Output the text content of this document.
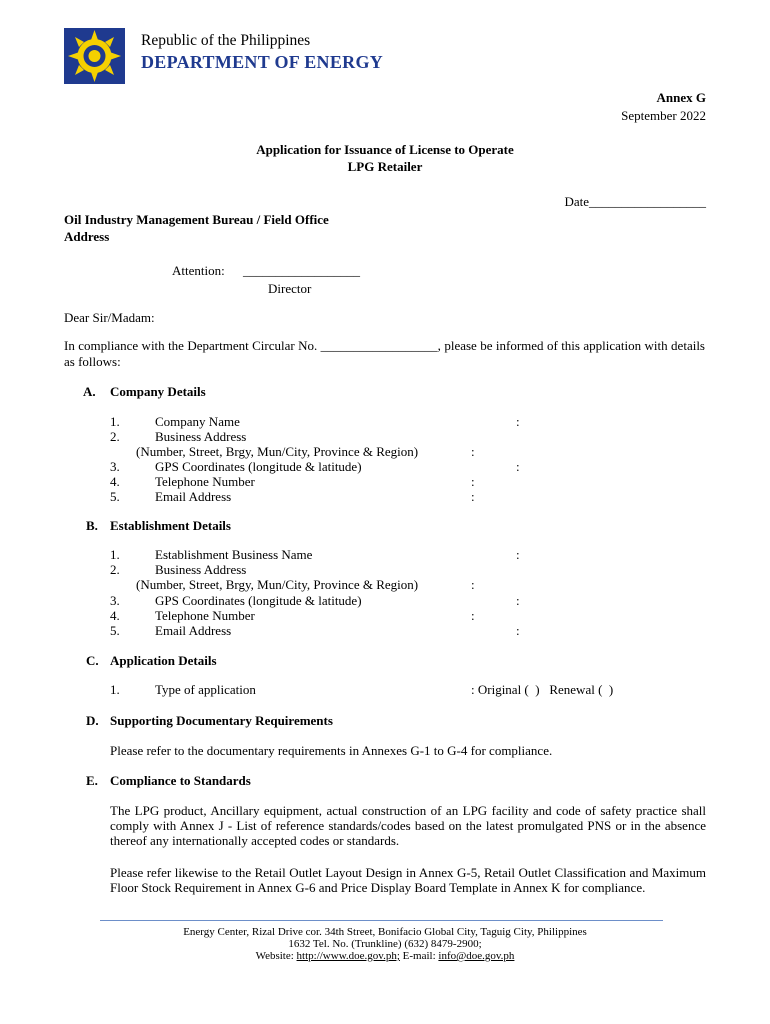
Republic of the Philippines
DEPARTMENT OF ENERGY
Annex G
September 2022
Application for Issuance of License to Operate
LPG Retailer
Date__________________
Oil Industry Management Bureau / Field Office
Address
Attention: __________________
Director
Dear Sir/Madam:
In compliance with the Department Circular No. __________________, please be informed of this application with details as follows:
A. Company Details
1.	Company Name	:
2.	Business Address
(Number, Street, Brgy, Mun/City, Province & Region)	:
3.	GPS Coordinates (longitude & latitude)	:
4.	Telephone Number	:
5.	Email Address	:
B. Establishment Details
1.	Establishment Business Name	:
2.	Business Address
(Number, Street, Brgy, Mun/City, Province & Region)	:
3.	GPS Coordinates (longitude & latitude)	:
4.	Telephone Number	:
5.	Email Address	:
C. Application Details
1.	Type of application	: Original (  )   Renewal (  )
D. Supporting Documentary Requirements
Please refer to the documentary requirements in Annexes G-1 to G-4 for compliance.
E. Compliance to Standards
The LPG product, Ancillary equipment, actual construction of an LPG facility and code of safety practice shall comply with Annex J - List of reference standards/codes based on the latest promulgated PNS or in the absence thereof any internationally accepted codes or standards.
Please refer likewise to the Retail Outlet Layout Design in Annex G-5, Retail Outlet Classification and Maximum Floor Stock Requirement in Annex G-6 and Price Display Board Template in Annex K for compliance.
Energy Center, Rizal Drive cor. 34th Street, Bonifacio Global City, Taguig City, Philippines
1632 Tel. No. (Trunkline) (632) 8479-2900;
Website: http://www.doe.gov.ph; E-mail: info@doe.gov.ph
